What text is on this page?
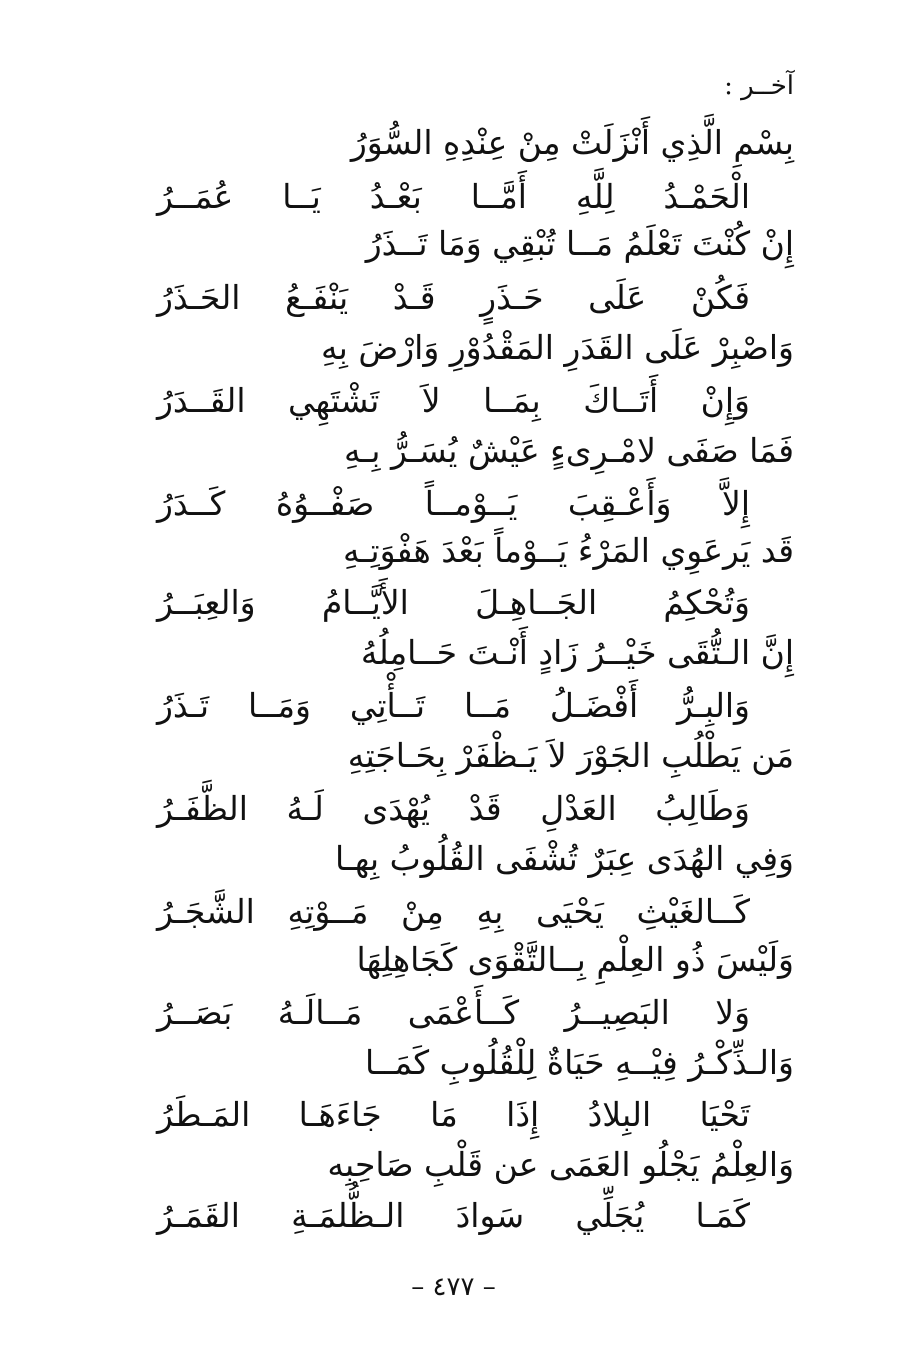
آخــر :
بِسْمِ الَّذِي أَنْزَلَتْ مِنْ عِنْدِهِ السُّوَرُ
الْحَمْـدُ لِلَّهِ أَمَّــا بَعْـدُ يَــا عُمَــرُ
إِنْ كُنْتَ تَعْلَمُ مَــا تُبْقِي وَمَا تَــذَرُ
فَكُنْ عَلَى حَـذَرٍ قَـدْ يَنْفَـعُ الحَـذَرُ
وَاصْبِرْ عَلَى القَدَرِ المَقْدُوْرِ وَارْضَ بِهِ
وَإِنْ أَتَــاكَ بِمَــا لاَ تَشْتَهِي القَــدَرُ
فَمَا صَفَى لامْـرِىءٍ عَيْشٌ يُسَـرُّ بِـهِ
إِلاَّ وَأَعْـقِبَ يَــوْمــاً صَفْــوُهُ كَــدَرُ
قَد يَرعَوِي المَرْءُ يَــوْماً بَعْدَ هَفْوَتِـهِ
وَتُحْكِمُ الجَــاهِـلَ الأَيَّــامُ وَالعِبَــرُ
إِنَّ الـتُّقَى خَيْــرُ زَادٍ أَنْـتَ حَــامِلُهُ
وَالبِـرُّ أَفْضَـلُ مَــا تَــأْتِي وَمَــا تَـذَرُ
مَن يَطْلُبِ الجَوْرَ لاَ يَـظْفَرْ بِحَـاجَتِهِ
وَطَالِبُ العَدْلِ قَدْ يُهْدَى لَـهُ الظَّفَـرُ
وَفِي الهُدَى عِبَرٌ تُشْفَى القُلُوبُ بِهـا
كَــالغَيْثِ يَحْيَى بِهِ مِنْ مَــوْتِهِ الشَّجَـرُ
وَلَيْسَ ذُو العِلْمِ بِــالتَّقْوَى كَجَاهِلِهَا
وَلا البَصِيــرُ كَــأَعْمَى مَــالَـهُ بَصَــرُ
وَالـذِّكْـرُ فِيْــهِ حَيَاةٌ لِلْقُلُوبِ كَمَــا
تَحْيَا البِلادُ إِذَا مَا جَاءَهَـا المَـطَرُ
وَالعِلْمُ يَجْلُو العَمَى عن قَلْبِ صَاحِبِه
كَمَـا يُجَلِّي سَوادَ الـظُّلمَـةِ القَمَـرُ
– ٤٧٧ –
